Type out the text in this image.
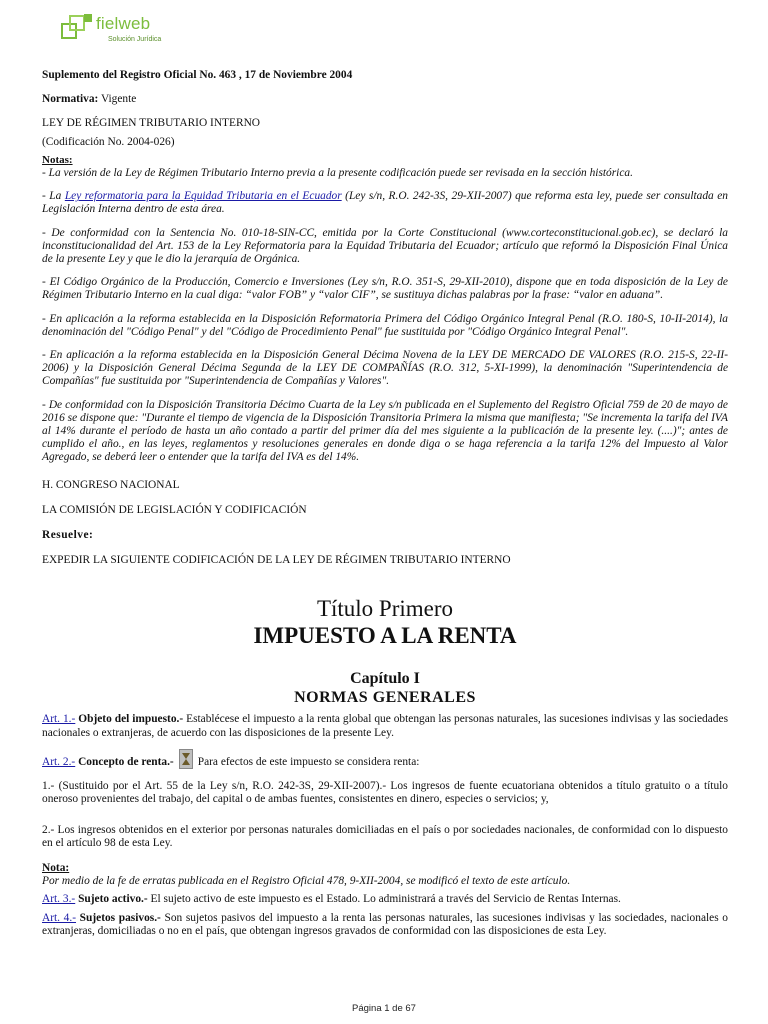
fielweb
Solución Jurídica

Suplemento del Registro Oficial No. 463 , 17 de Noviembre 2004

Normativa: Vigente

LEY DE RÉGIMEN TRIBUTARIO INTERNO

(Codificación No. 2004-026)

Notas:

- La versión de la Ley de Régimen Tributario Interno previa a la presente codificación puede ser revisada en la sección histórica.

- La Ley reformatoria para la Equidad Tributaria en el Ecuador (Ley s/n, R.O. 242-3S, 29-XII-2007) que reforma esta ley, puede ser consultada en Legislación Interna dentro de esta área.

- De conformidad con la Sentencia No. 010-18-SIN-CC, emitida por la Corte Constitucional (www.corteconstitucional.gob.ec), se declaró la inconstitucionalidad del Art. 153 de la Ley Reformatoria para la Equidad Tributaria del Ecuador; artículo que reformó la Disposición Final Única de la presente Ley y que le dio la jerarquía de Orgánica.

- El Código Orgánico de la Producción, Comercio e Inversiones (Ley s/n, R.O. 351-S, 29-XII-2010), dispone que en toda disposición de la Ley de Régimen Tributario Interno en la cual diga: “valor FOB” y “valor CIF”, se sustituya dichas palabras por la frase: “valor en aduana”.

- En aplicación a la reforma establecida en la Disposición Reformatoria Primera del Código Orgánico Integral Penal (R.O. 180-S, 10-II-2014), la denominación del "Código Penal" y del "Código de Procedimiento Penal" fue sustituida por "Código Orgánico Integral Penal".

- En aplicación a la reforma establecida en la Disposición General Décima Novena de la LEY DE MERCADO DE VALORES (R.O. 215-S, 22-II-2006) y la Disposición General Décima Segunda de la LEY DE COMPAÑÍAS (R.O. 312, 5-XI-1999), la denominación "Superintendencia de Compañías" fue sustituida por "Superintendencia de Compañías y Valores".

- De conformidad con la Disposición Transitoria Décimo Cuarta de la Ley s/n publicada en el Suplemento del Registro Oficial 759 de 20 de mayo de 2016 se dispone que: "Durante el tiempo de vigencia de la Disposición Transitoria Primera la misma que manifiesta; "Se incrementa la tarifa del IVA al 14% durante el período de hasta un año contado a partir del primer día del mes siguiente a la publicación de la presente ley. (....)"; antes de cumplido el año., en las leyes, reglamentos y resoluciones generales en donde diga o se haga referencia a la tarifa 12% del Impuesto al Valor Agregado, se deberá leer o entender que la tarifa del IVA es del 14%.

H. CONGRESO NACIONAL

LA COMISIÓN DE LEGISLACIÓN Y CODIFICACIÓN

Resuelve:

EXPEDIR LA SIGUIENTE CODIFICACIÓN DE LA LEY DE RÉGIMEN TRIBUTARIO INTERNO

Título Primero
IMPUESTO A LA RENTA
Capítulo I
NORMAS GENERALES

Art. 1.- Objeto del impuesto.- Establécese el impuesto a la renta global que obtengan las personas naturales, las sucesiones indivisas y las sociedades nacionales o extranjeras, de acuerdo con las disposiciones de la presente Ley.

Art. 2.- Concepto de renta.- Para efectos de este impuesto se considera renta:

1.- (Sustituido por el Art. 55 de la Ley s/n, R.O. 242-3S, 29-XII-2007).- Los ingresos de fuente ecuatoriana obtenidos a título gratuito o a título oneroso provenientes del trabajo, del capital o de ambas fuentes, consistentes en dinero, especies o servicios; y,

2.- Los ingresos obtenidos en el exterior por personas naturales domiciliadas en el país o por sociedades nacionales, de conformidad con lo dispuesto en el artículo 98 de esta Ley.

Nota:

Por medio de la fe de erratas publicada en el Registro Oficial 478, 9-XII-2004, se modificó el texto de este artículo.

Art. 3.- Sujeto activo.- El sujeto activo de este impuesto es el Estado. Lo administrará a través del Servicio de Rentas Internas.

Art. 4.- Sujetos pasivos.- Son sujetos pasivos del impuesto a la renta las personas naturales, las sucesiones indivisas y las sociedades, nacionales o extranjeras, domiciliadas o no en el país, que obtengan ingresos gravados de conformidad con las disposiciones de esta Ley.

Página 1 de 67
